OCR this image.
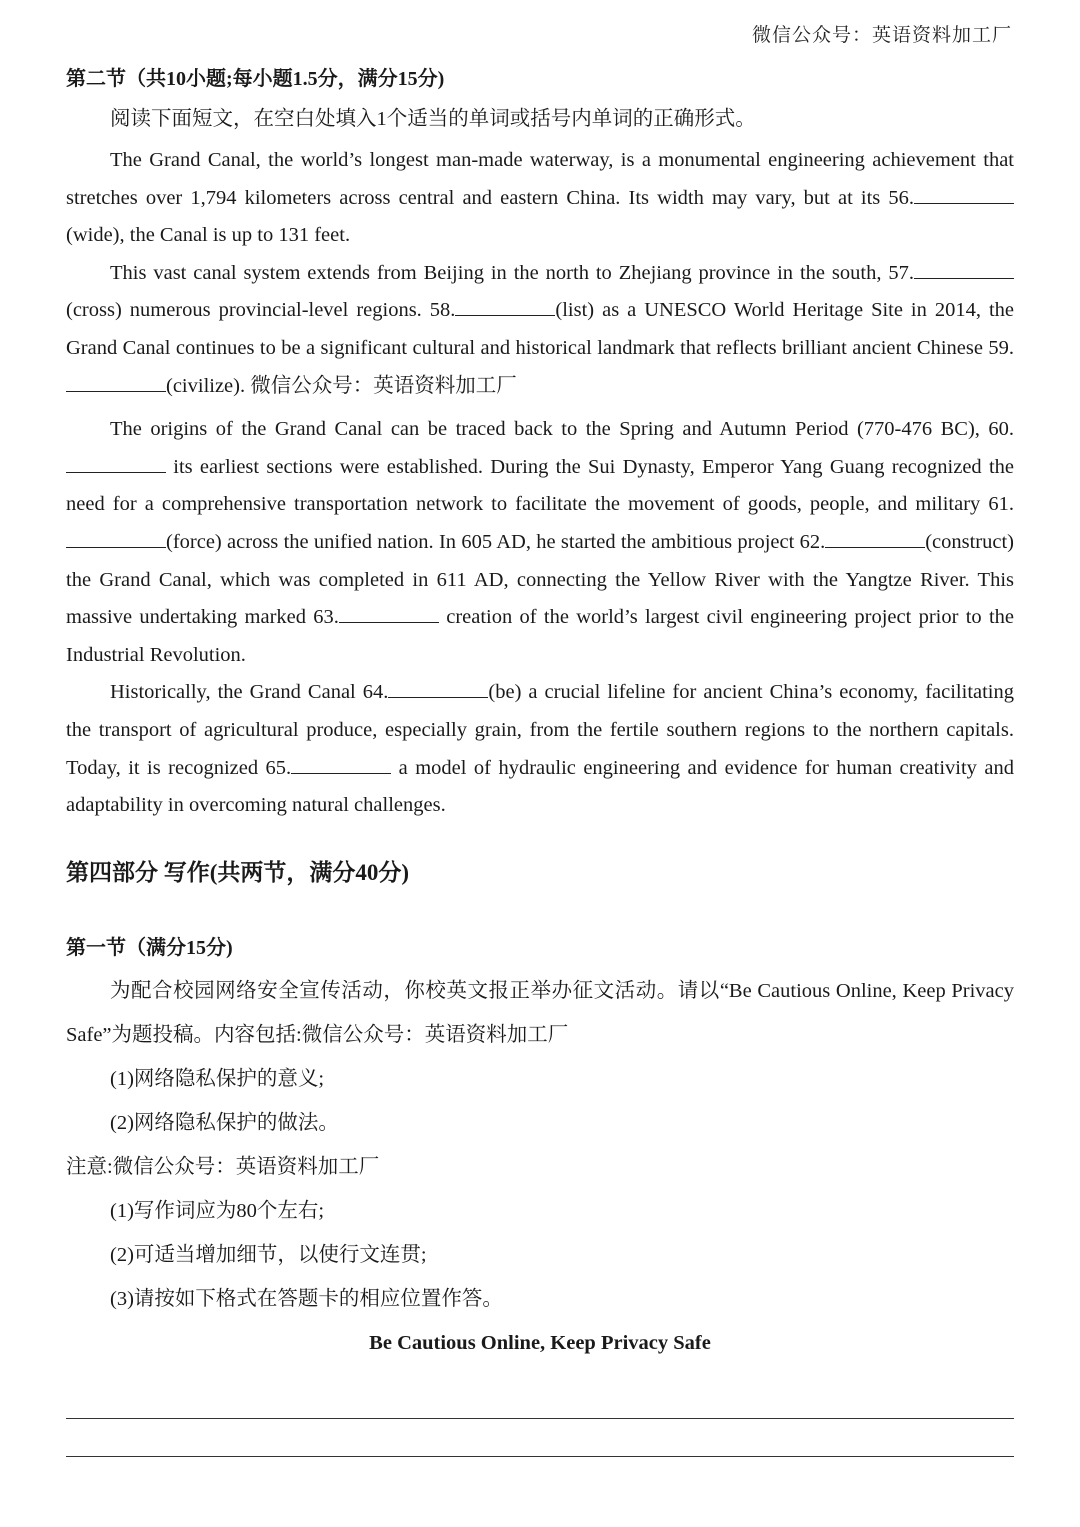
微信公众号：英语资料加工厂

第二节（共10小题;每小题1.5分，满分15分)

阅读下面短文，在空白处填入1个适当的单词或括号内单词的正确形式。

The Grand Canal, the world’s longest man-made waterway, is a monumental engineering achievement that stretches over 1,794 kilometers across central and eastern China. Its width may vary, but at its 56.(wide), the Canal is up to 131 feet.

This vast canal system extends from Beijing in the north to Zhejiang province in the south, 57.(cross) numerous provincial-level regions. 58.	(list) as a UNESCO World Heritage Site in 2014, the Grand Canal continues to be a significant cultural and historical landmark that reflects brilliant ancient Chinese 59.(civilize). 微信公众号：英语资料加工厂

The origins of the Grand Canal can be traced back to the Spring and Autumn Period (770-476 BC), 60. its earliest sections were established. During the Sui Dynasty, Emperor Yang Guang recognized the need for a comprehensive transportation network to facilitate the movement of goods, people, and military 61.(force) across the unified nation. In 605 AD, he started the ambitious project 62.	(construct) the Grand Canal, which was completed in 611 AD, connecting the Yellow River with the Yangtze River. This massive undertaking marked 63.	creation of the world’s largest civil engineering project prior to the Industrial Revolution.

Historically, the Grand Canal 64.	(be) a crucial lifeline for ancient China’s economy, facilitating the transport of agricultural produce, especially grain, from the fertile southern regions to the northern capitals. Today, it is recognized 65.	a model of hydraulic engineering and evidence for human creativity and adaptability in overcoming natural challenges.

第四部分 写作(共两节，满分40分)

第一节（满分15分)

为配合校园网络安全宣传活动，你校英文报正举办征文活动。请以“Be Cautious Online, Keep Privacy Safe”为题投稿。内容包括:微信公众号：英语资料加工厂

(1)网络隐私保护的意义;

(2)网络隐私保护的做法。

注意:微信公众号：英语资料加工厂

(1)写作词应为80个左右;

(2)可适当增加细节，以使行文连贯;

(3)请按如下格式在答题卡的相应位置作答。

Be Cautious Online, Keep Privacy Safe
